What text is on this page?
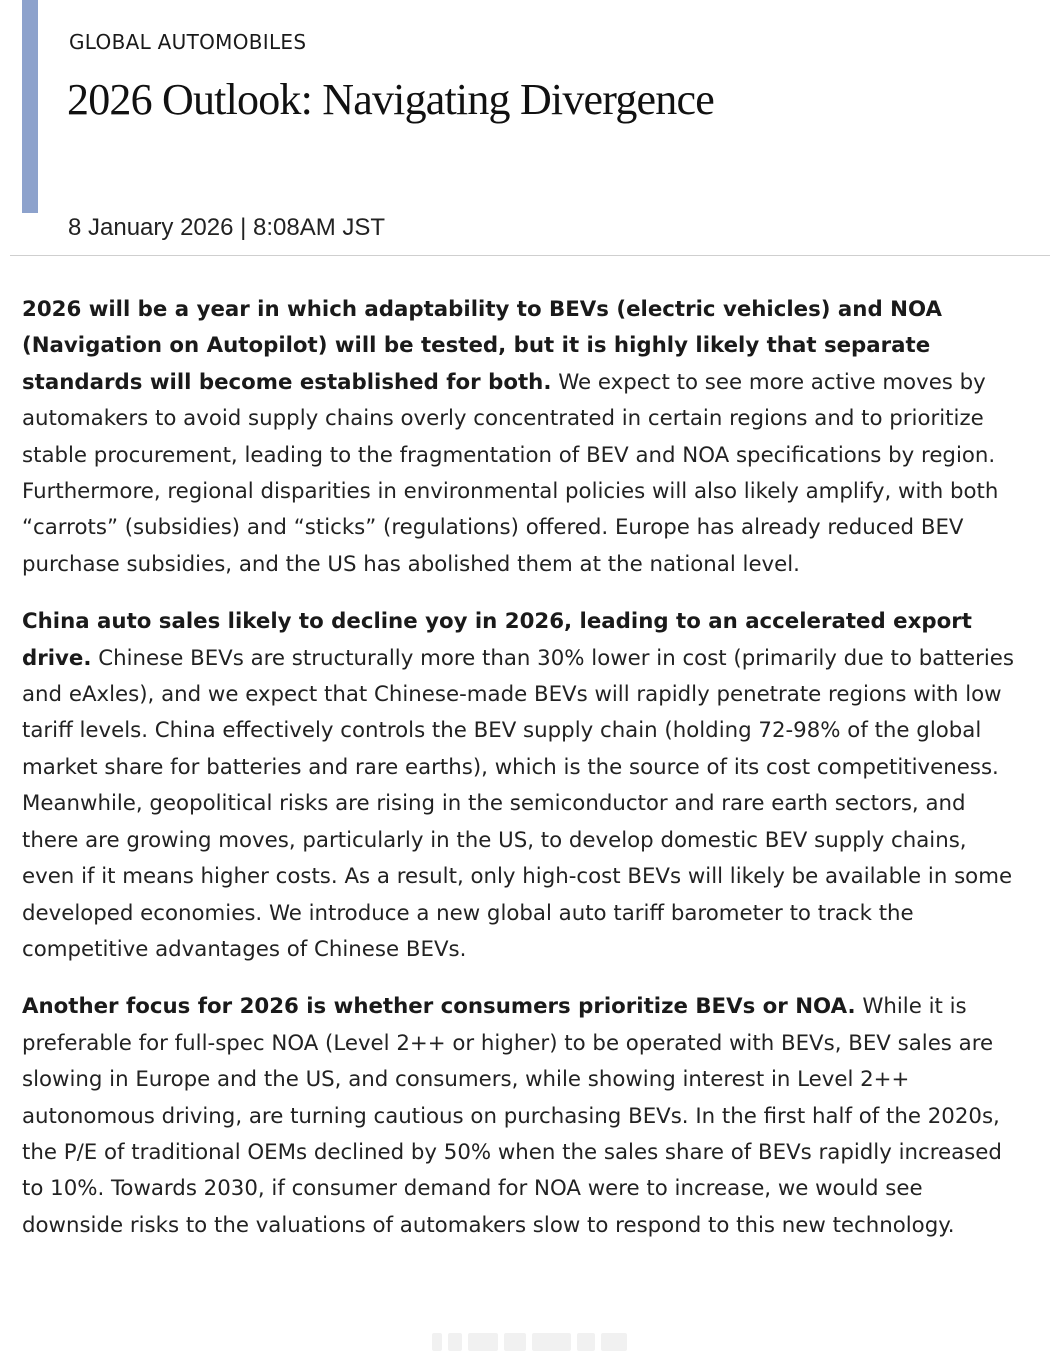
GLOBAL AUTOMOBILES
2026 Outlook: Navigating Divergence
8 January 2026 | 8:08AM JST

2026 will be a year in which adaptability to BEVs (electric vehicles) and NOA (Navigation on Autopilot) will be tested, but it is highly likely that separate standards will become established for both. We expect to see more active moves by automakers to avoid supply chains overly concentrated in certain regions and to prioritize stable procurement, leading to the fragmentation of BEV and NOA specifications by region. Furthermore, regional disparities in environmental policies will also likely amplify, with both “carrots” (subsidies) and “sticks” (regulations) offered. Europe has already reduced BEV purchase subsidies, and the US has abolished them at the national level.

China auto sales likely to decline yoy in 2026, leading to an accelerated export drive. Chinese BEVs are structurally more than 30% lower in cost (primarily due to batteries and eAxles), and we expect that Chinese-made BEVs will rapidly penetrate regions with low tariff levels. China effectively controls the BEV supply chain (holding 72-98% of the global market share for batteries and rare earths), which is the source of its cost competitiveness. Meanwhile, geopolitical risks are rising in the semiconductor and rare earth sectors, and there are growing moves, particularly in the US, to develop domestic BEV supply chains, even if it means higher costs. As a result, only high-cost BEVs will likely be available in some developed economies. We introduce a new global auto tariff barometer to track the competitive advantages of Chinese BEVs.

Another focus for 2026 is whether consumers prioritize BEVs or NOA. While it is preferable for full-spec NOA (Level 2++ or higher) to be operated with BEVs, BEV sales are slowing in Europe and the US, and consumers, while showing interest in Level 2++ autonomous driving, are turning cautious on purchasing BEVs. In the first half of the 2020s, the P/E of traditional OEMs declined by 50% when the sales share of BEVs rapidly increased to 10%. Towards 2030, if consumer demand for NOA were to increase, we would see downside risks to the valuations of automakers slow to respond to this new technology.
